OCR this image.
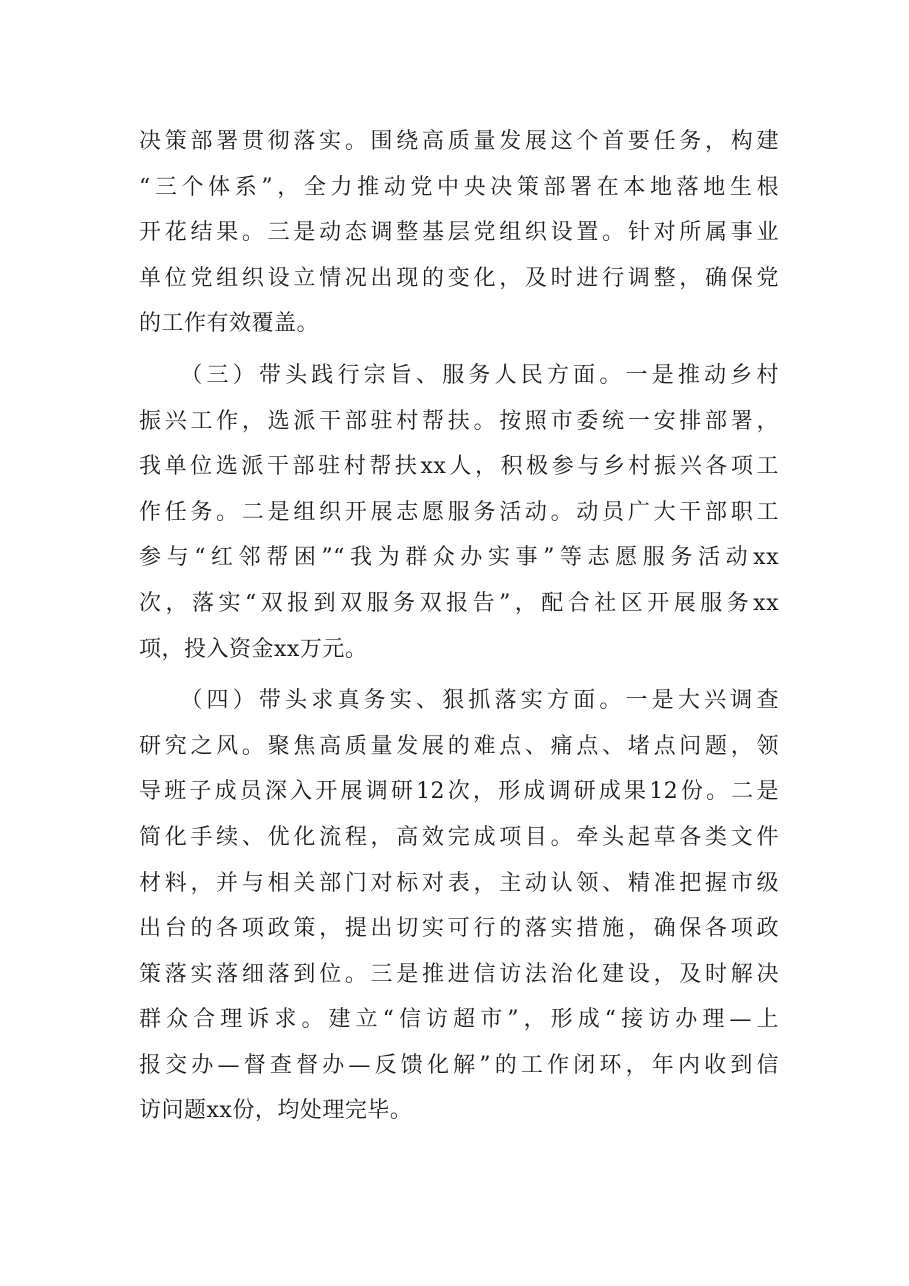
决策部署贯彻落实。围绕高质量发展这个首要任务，构建
“三个体系”，全力推动党中央决策部署在本地落地生根
开花结果。三是动态调整基层党组织设置。针对所属事业
单位党组织设立情况出现的变化，及时进行调整，确保党
的工作有效覆盖。
　　（三）带头践行宗旨、服务人民方面。一是推动乡村
振兴工作，选派干部驻村帮扶。按照市委统一安排部署，
我单位选派干部驻村帮扶xx人，积极参与乡村振兴各项工
作任务。二是组织开展志愿服务活动。动员广大干部职工
参与“红邻帮困”“我为群众办实事”等志愿服务活动xx
次，落实“双报到双服务双报告”，配合社区开展服务xx
项，投入资金xx万元。
　　（四）带头求真务实、狠抓落实方面。一是大兴调查
研究之风。聚焦高质量发展的难点、痛点、堵点问题，领
导班子成员深入开展调研12次，形成调研成果12份。二是
简化手续、优化流程，高效完成项目。牵头起草各类文件
材料，并与相关部门对标对表，主动认领、精准把握市级
出台的各项政策，提出切实可行的落实措施，确保各项政
策落实落细落到位。三是推进信访法治化建设，及时解决
群众合理诉求。建立“信访超市”，形成“接访办理—上
报交办—督查督办—反馈化解”的工作闭环，年内收到信
访问题xx份，均处理完毕。
